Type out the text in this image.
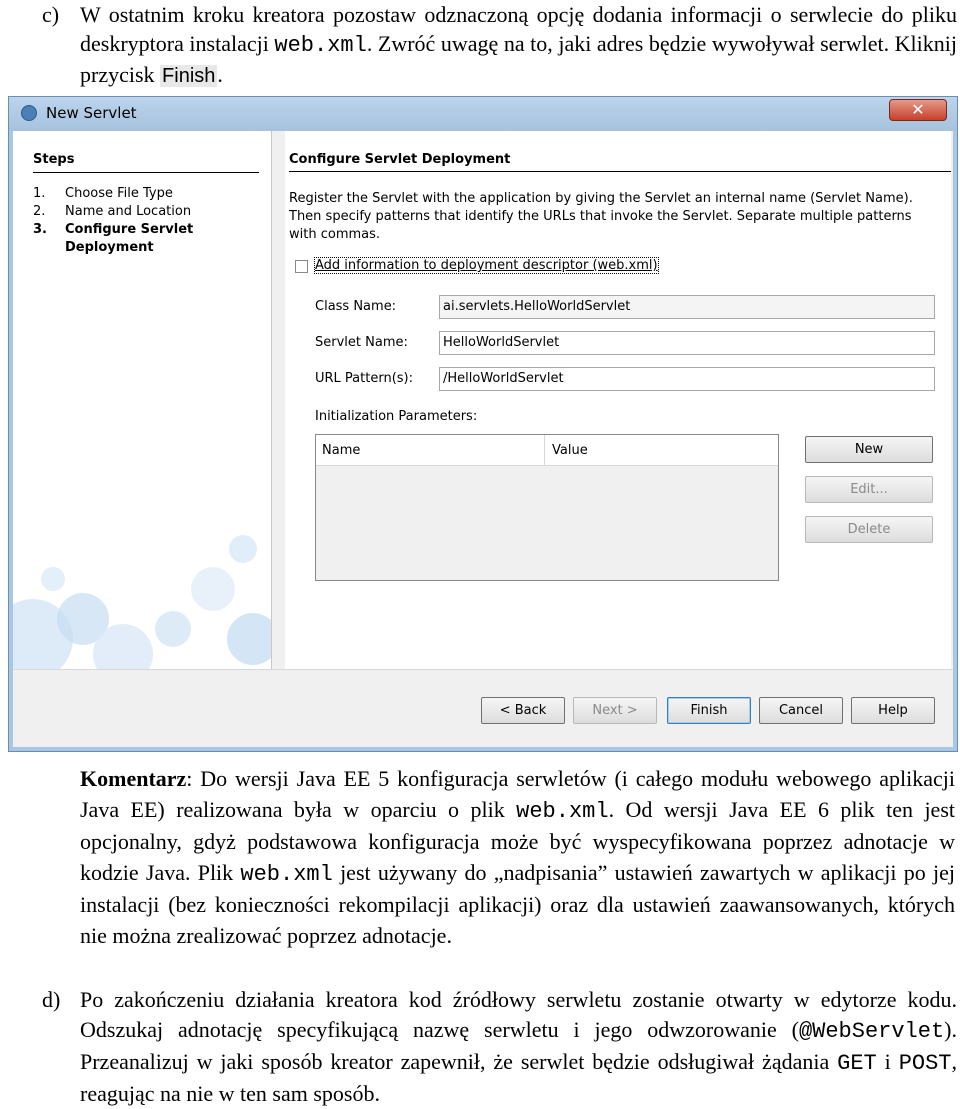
c) W ostatnim kroku kreatora pozostaw odznaczoną opcję dodania informacji o serwlecie do pliku deskryptora instalacji web.xml. Zwróć uwagę na to, jaki adres będzie wywoływał serwlet. Kliknij przycisk Finish.
New Servlet	✕
Steps
1. Choose File Type
2. Name and Location
3. Configure Servlet
Deployment
Configure Servlet Deployment
Register the Servlet with the application by giving the Servlet an internal name (Servlet Name). Then specify patterns that identify the URLs that invoke the Servlet. Separate multiple patterns with commas.
Add information to deployment descriptor (web.xml)
Class Name:	ai.servlets.HelloWorldServlet
Servlet Name:	HelloWorldServlet
URL Pattern(s):	/HelloWorldServlet
Initialization Parameters:
Name	Value	New
Edit...
Delete
< Back	Next >	Finish	Cancel	Help
Komentarz: Do wersji Java EE 5 konfiguracja serwletów (i całego modułu webowego aplikacji Java EE) realizowana była w oparciu o plik web.xml. Od wersji Java EE 6 plik ten jest opcjonalny, gdyż podstawowa konfiguracja może być wyspecyfikowana poprzez adnotacje w kodzie Java. Plik web.xml jest używany do „nadpisania” ustawień zawartych w aplikacji po jej instalacji (bez konieczności rekompilacji aplikacji) oraz dla ustawień zaawansowanych, których nie można zrealizować poprzez adnotacje.
d) Po zakończeniu działania kreatora kod źródłowy serwletu zostanie otwarty w edytorze kodu. Odszukaj adnotację specyfikującą nazwę serwletu i jego odwzorowanie (@WebServlet). Przeanalizuj w jaki sposób kreator zapewnił, że serwlet będzie odsługiwał żądania GET i POST, reagując na nie w ten sam sposób.
